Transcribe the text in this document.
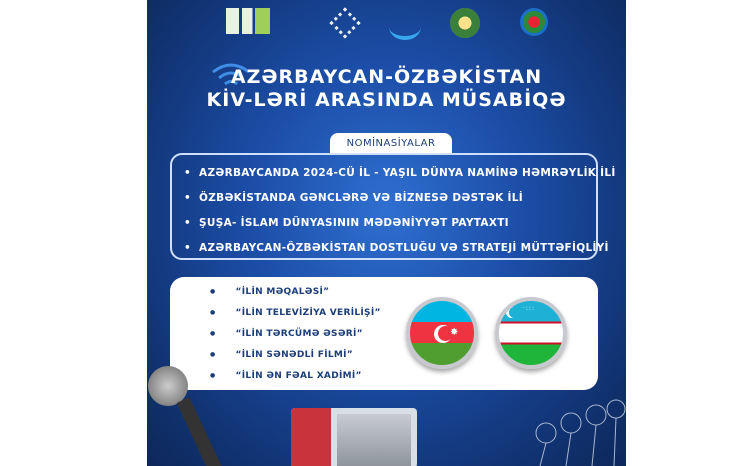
AZƏRBAYCAN-ÖZBƏKİSTAN
KİV-LƏRİ ARASINDA MÜSABİQƏ
NOMİNASİYALAR
• AZƏRBAYCANDA 2024-CÜ İL - YAŞIL DÜNYA NAMİNƏ HƏMRƏYLİK İLİ
• ÖZBƏKİSTANDA GƏNCLƏRƏ VƏ BİZNESƏ DƏSTƏK İLİ
• ŞUŞA- İSLAM DÜNYASININ MƏDƏNİYYƏT PAYTAXTI
• AZƏRBAYCAN-ÖZBƏKİSTAN DOSTLUĞU VƏ STRATEJİ MÜTTƏFİQLİYİ
● “İLİN MƏQALƏSİ”
● “İLİN TELEVİZİYA VERİLİŞİ”
● “İLİN TƏRCÜMƏ ƏSƏRİ”
● “İLİN SƏNƏDLİ FİLMİ”
● “İLİN ƏN FƏAL XADİMİ”
✸
·:::
